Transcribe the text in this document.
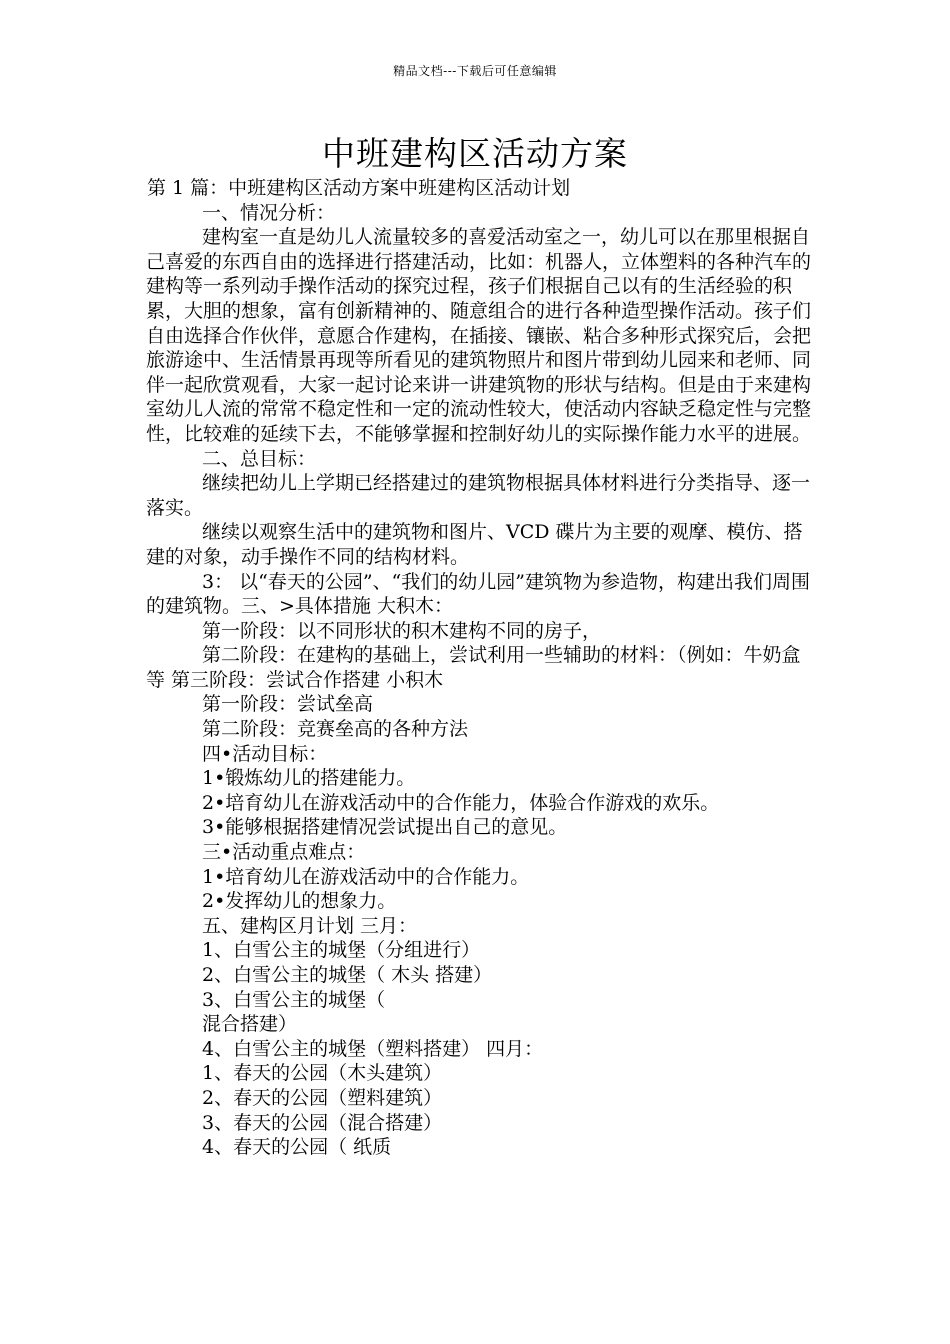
精品文档---下载后可任意编辑
中班建构区活动方案

第 1 篇：中班建构区活动方案中班建构区活动计划

一、情况分析：

建构室一直是幼儿人流量较多的喜爱活动室之一，幼儿可以在那里根据自己喜爱的东西自由的选择进行搭建活动，比如：机器人，立体塑料的各种汽车的建构等一系列动手操作活动的探究过程，孩子们根据自己以有的生活经验的积累，大胆的想象，富有创新精神的、随意组合的进行各种造型操作活动。孩子们自由选择合作伙伴，意愿合作建构，在插接、镶嵌、粘合多种形式探究后，会把旅游途中、生活情景再现等所看见的建筑物照片和图片带到幼儿园来和老师、同伴一起欣赏观看，大家一起讨论来讲一讲建筑物的形状与结构。但是由于来建构室幼儿人流的常常不稳定性和一定的流动性较大，使活动内容缺乏稳定性与完整性，比较难的延续下去，不能够掌握和控制好幼儿的实际操作能力水平的进展。

二、总目标：

继续把幼儿上学期已经搭建过的建筑物根据具体材料进行分类指导、逐一落实。

继续以观察生活中的建筑物和图片、VCD 碟片为主要的观摩、模仿、搭建的对象，动手操作不同的结构材料。

3： 以“春天的公园”、“我们的幼儿园”建筑物为参造物，构建出我们周围的建筑物。三、>具体措施 大积木：

第一阶段：以不同形状的积木建构不同的房子，

第二阶段：在建构的基础上，尝试利用一些辅助的材料：（例如：牛奶盒等 第三阶段：尝试合作搭建 小积木

第一阶段：尝试垒高

第二阶段：竞赛垒高的各种方法

四•活动目标：

1•锻炼幼儿的搭建能力。

2•培育幼儿在游戏活动中的合作能力，体验合作游戏的欢乐。

3•能够根据搭建情况尝试提出自己的意见。

三•活动重点难点：

1•培育幼儿在游戏活动中的合作能力。

2•发挥幼儿的想象力。

五、建构区月计划 三月：

1、白雪公主的城堡（分组进行）

2、白雪公主的城堡（ 木头 搭建）

3、白雪公主的城堡（

混合搭建）

4、白雪公主的城堡（塑料搭建） 四月：

1、春天的公园（木头建筑）

2、春天的公园（塑料建筑）

3、春天的公园（混合搭建）

4、春天的公园（ 纸质
